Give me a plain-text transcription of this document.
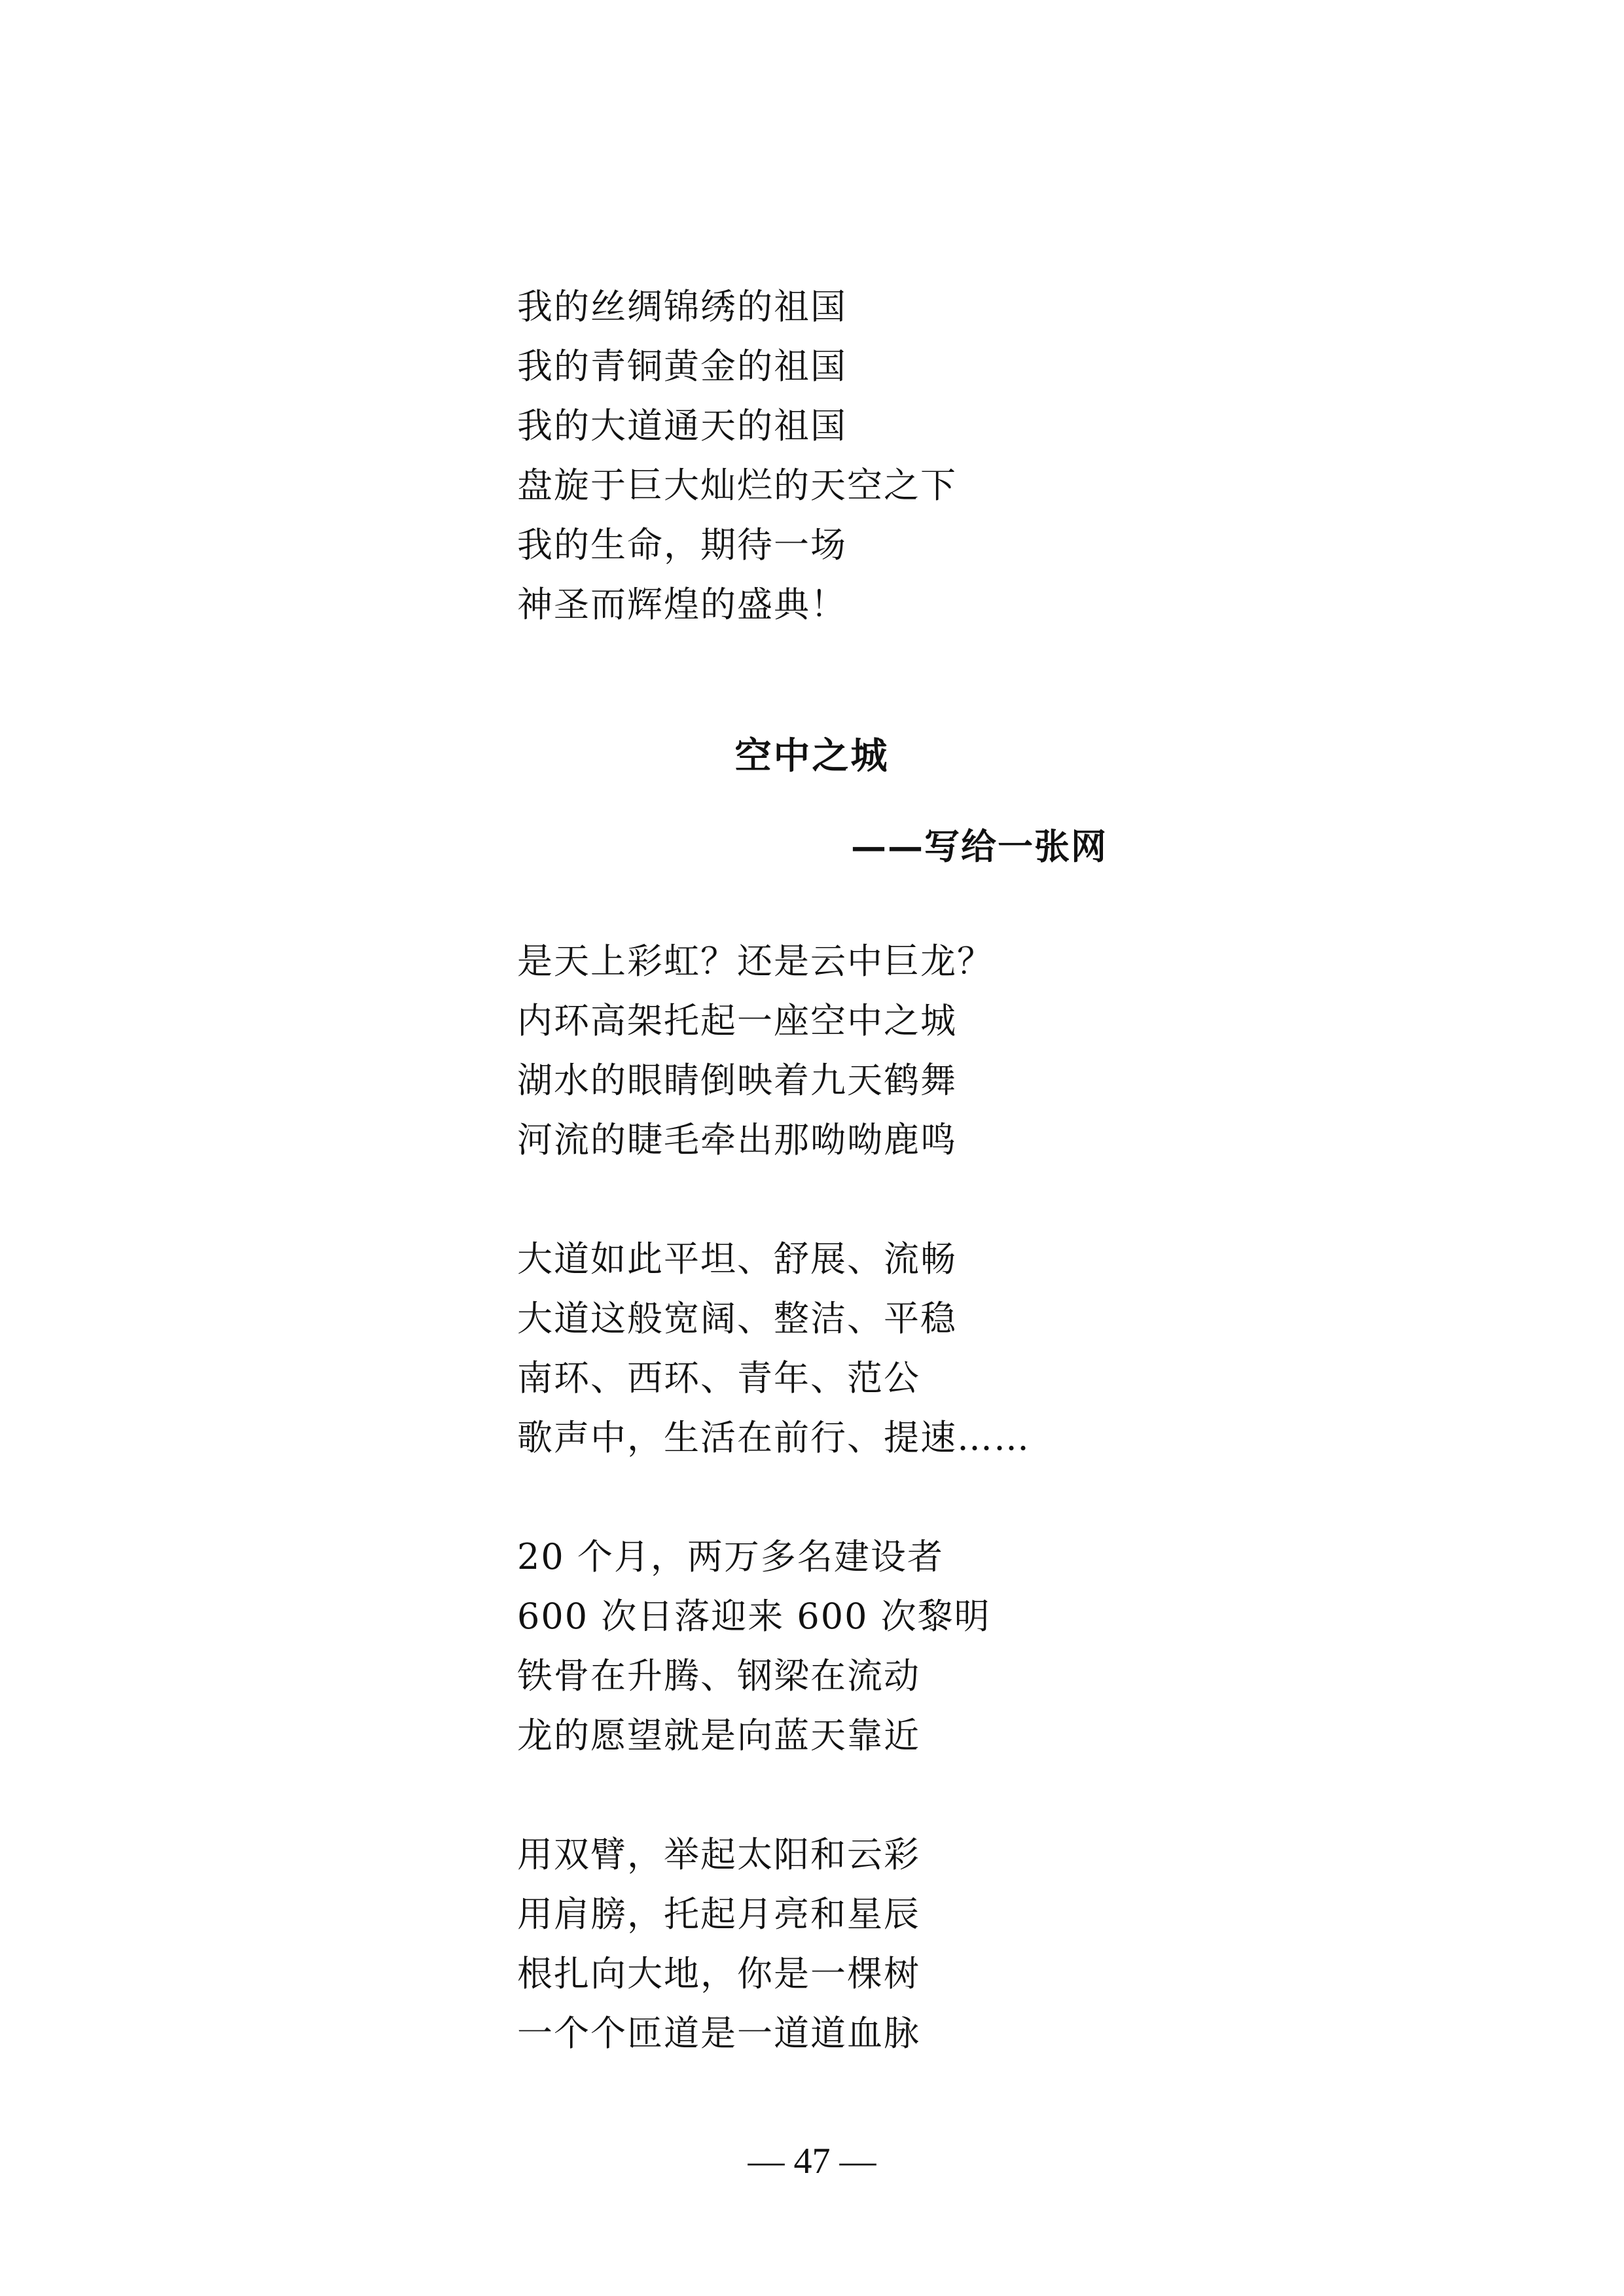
我的丝绸锦绣的祖国
我的青铜黄金的祖国
我的大道通天的祖国
盘旋于巨大灿烂的天空之下
我的生命，期待一场
神圣而辉煌的盛典！
空中之城
——写给一张网
是天上彩虹？还是云中巨龙？
内环高架托起一座空中之城
湖水的眼睛倒映着九天鹤舞
河流的睫毛牵出那呦呦鹿鸣
大道如此平坦、舒展、流畅
大道这般宽阔、整洁、平稳
南环、西环、青年、范公
歌声中，生活在前行、提速……
20 个月，两万多名建设者
600 次日落迎来 600 次黎明
铁骨在升腾、钢梁在流动
龙的愿望就是向蓝天靠近
用双臂，举起太阳和云彩
用肩膀，托起月亮和星辰
根扎向大地，你是一棵树
一个个匝道是一道道血脉
— 47 —
